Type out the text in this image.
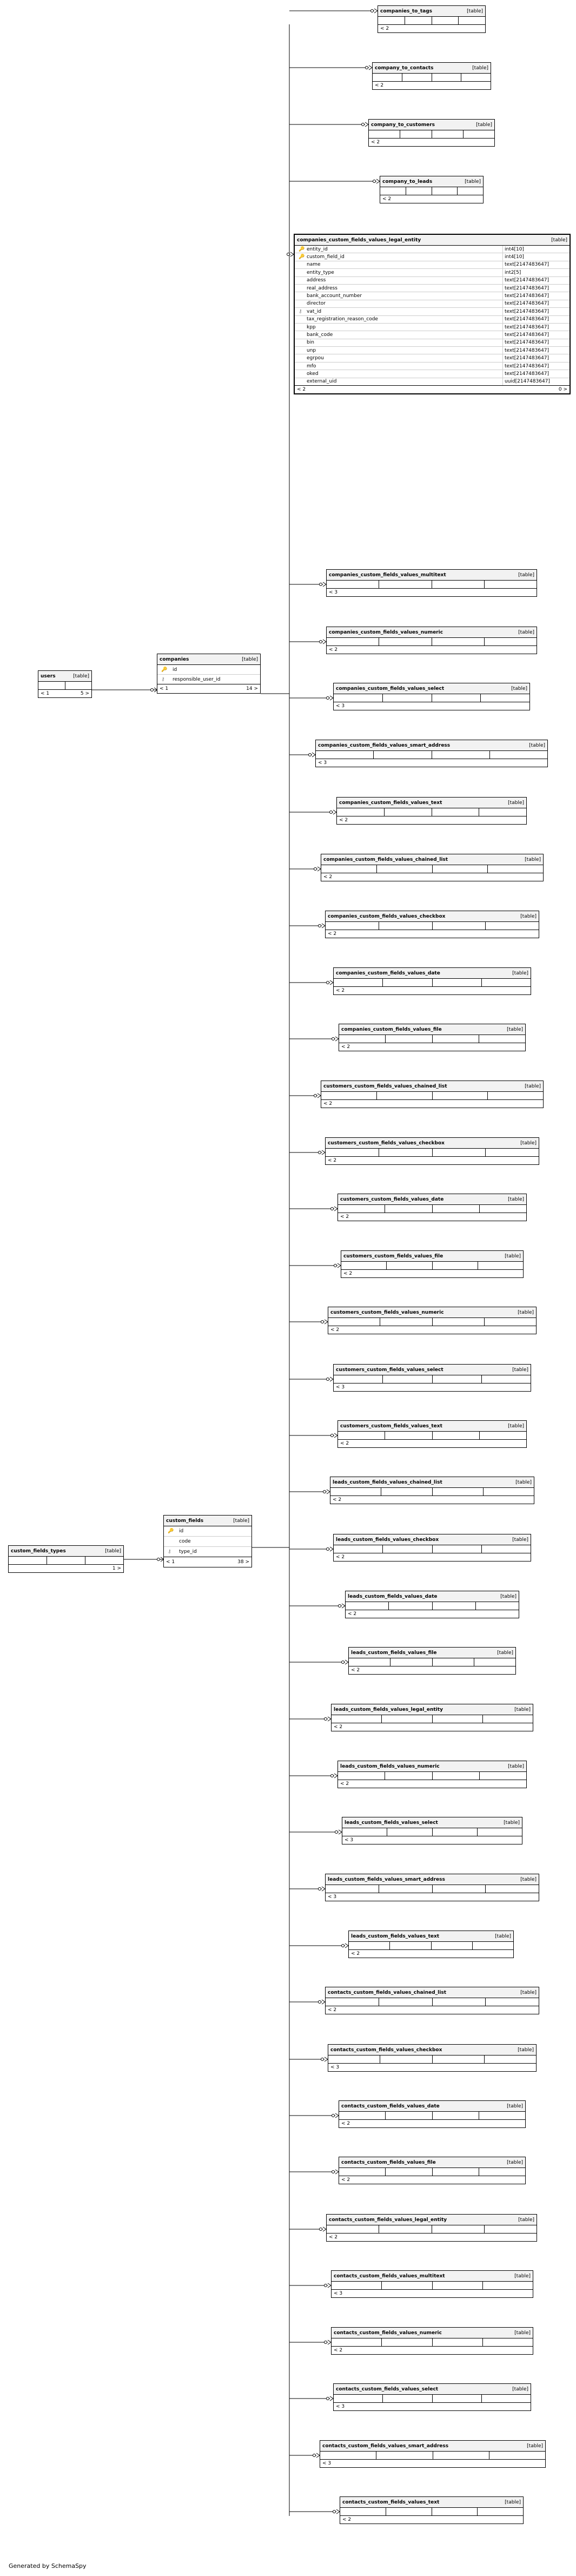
companies_to_tags	[table]
< 2
company_to_contacts	[table]
< 2
company_to_customers	[table]
< 2
company_to_leads	[table]
< 2
companies_custom_fields_values_legal_entity	[table]
🔑 entity_id	int4[10]
🔑 custom_field_id	int4[10]
name	text[2147483647]
entity_type	int2[5]
address	text[2147483647]
real_address	text[2147483647]
bank_account_number	text[2147483647]
director	text[2147483647]
⚷ vat_id	text[2147483647]
tax_registration_reason_code	text[2147483647]
kpp	text[2147483647]
bank_code	text[2147483647]
bin	text[2147483647]
unp	text[2147483647]
egrpou	text[2147483647]
mfo	text[2147483647]
oked	text[2147483647]
external_uid	uuid[2147483647]
< 2	0 >
users	[table]
< 1	5 >
companies	[table]
🔑 id
⚷ responsible_user_id
< 1	14 >
custom_fields_types	[table]
1 >
custom_fields	[table]
🔑 id
code
⚷ type_id
< 1	38 >
companies_custom_fields_values_multitext	[table]
< 3
companies_custom_fields_values_numeric	[table]
< 2
companies_custom_fields_values_select	[table]
< 3
companies_custom_fields_values_smart_address	[table]
< 3
companies_custom_fields_values_text	[table]
< 2
companies_custom_fields_values_chained_list	[table]
< 2
companies_custom_fields_values_checkbox	[table]
< 2
companies_custom_fields_values_date	[table]
< 2
companies_custom_fields_values_file	[table]
< 2
customers_custom_fields_values_chained_list	[table]
< 2
customers_custom_fields_values_checkbox	[table]
< 2
customers_custom_fields_values_date	[table]
< 2
customers_custom_fields_values_file	[table]
< 2
customers_custom_fields_values_numeric	[table]
< 2
customers_custom_fields_values_select	[table]
< 3
customers_custom_fields_values_text	[table]
< 2
leads_custom_fields_values_chained_list	[table]
< 2
leads_custom_fields_values_checkbox	[table]
< 2
leads_custom_fields_values_date	[table]
< 2
leads_custom_fields_values_file	[table]
< 2
leads_custom_fields_values_legal_entity	[table]
< 2
leads_custom_fields_values_numeric	[table]
< 2
leads_custom_fields_values_select	[table]
< 3
leads_custom_fields_values_smart_address	[table]
< 3
leads_custom_fields_values_text	[table]
< 2
contacts_custom_fields_values_chained_list	[table]
< 2
contacts_custom_fields_values_checkbox	[table]
< 3
contacts_custom_fields_values_date	[table]
< 2
contacts_custom_fields_values_file	[table]
< 2
contacts_custom_fields_values_legal_entity	[table]
< 2
contacts_custom_fields_values_multitext	[table]
< 3
contacts_custom_fields_values_numeric	[table]
< 2
contacts_custom_fields_values_select	[table]
< 3
contacts_custom_fields_values_smart_address	[table]
< 3
contacts_custom_fields_values_text	[table]
< 2
Generated by SchemaSpy
